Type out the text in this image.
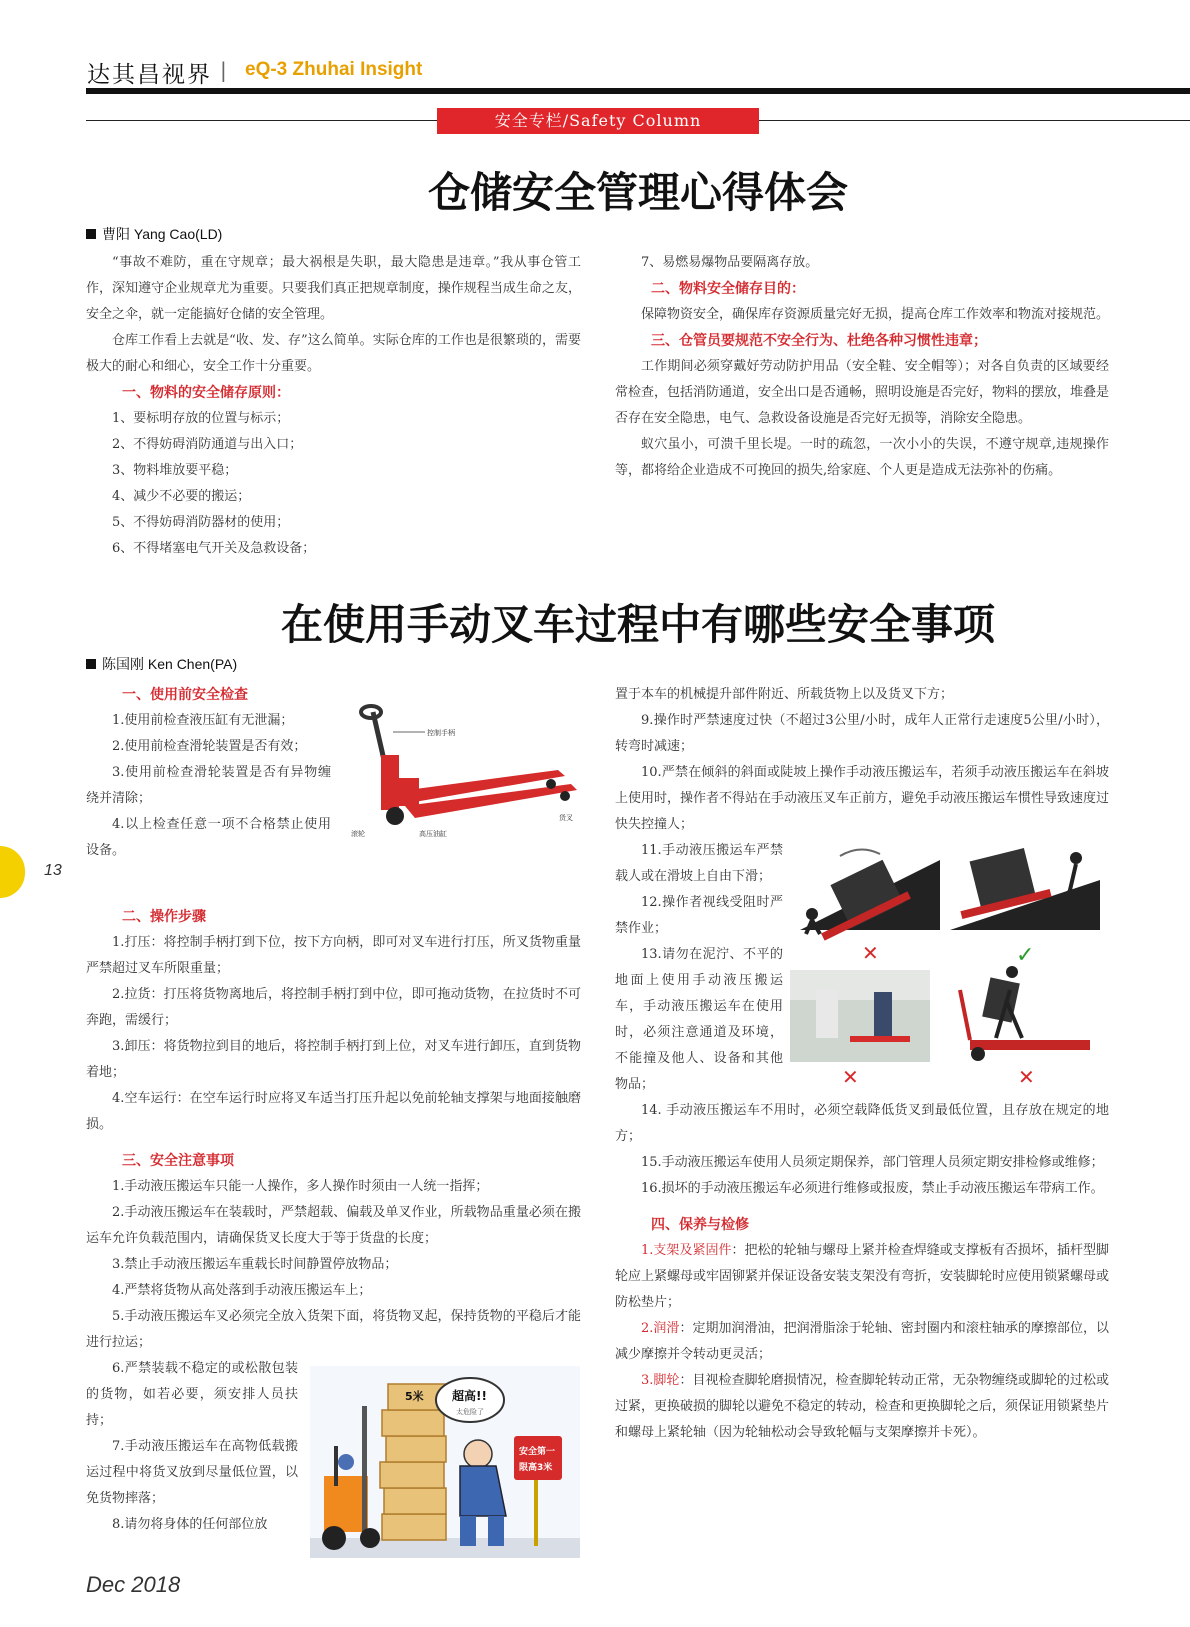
达其昌视界 | eQ-3 Zhuhai Insight
安全专栏/Safety Column
仓储安全管理心得体会
曹阳 Yang Cao(LD)

“事故不难防，重在守规章；最大祸根是失职，最大隐患是违章。”我从事仓管工作，深知遵守企业规章尤为重要。只要我们真正把规章制度，操作规程当成生命之友，安全之伞，就一定能搞好仓储的安全管理。

仓库工作看上去就是“收、发、存”这么简单。实际仓库的工作也是很繁琐的，需要极大的耐心和细心，安全工作十分重要。

一、物料的安全储存原则：

1、要标明存放的位置与标示；

2、不得妨碍消防通道与出入口；

3、物料堆放要平稳；

4、减少不必要的搬运；

5、不得妨碍消防器材的使用；

6、不得堵塞电气开关及急救设备；

7、易燃易爆物品要隔离存放。

二、物料安全储存目的：

保障物资安全，确保库存资源质量完好无损，提高仓库工作效率和物流对接规范。

三、仓管员要规范不安全行为、杜绝各种习惯性违章；

工作期间必须穿戴好劳动防护用品（安全鞋、安全帽等）；对各自负责的区域要经常检查，包括消防通道，安全出口是否通畅，照明设施是否完好，物料的摆放，堆叠是否存在安全隐患，电气、急救设备设施是否完好无损等，消除安全隐患。

蚁穴虽小，可溃千里长堤。一时的疏忽，一次小小的失误，不遵守规章,违规操作等，都将给企业造成不可挽回的损失,给家庭、个人更是造成无法弥补的伤痛。

在使用手动叉车过程中有哪些安全事项
陈国刚 Ken Chen(PA)

一、使用前安全检查

1.使用前检查液压缸有无泄漏；

2.使用前检查滑轮装置是否有效；

3.使用前检查滑轮装置是否有异物缠绕并清除；

4.以上检查任意一项不合格禁止使用设备。

控制手柄
滚轮	高压油缸
货叉

二、操作步骤

1.打压：将控制手柄打到下位，按下方向柄，即可对叉车进行打压，所叉货物重量严禁超过叉车所限重量；

2.拉货：打压将货物离地后，将控制手柄打到中位，即可拖动货物，在拉货时不可奔跑，需缓行；

3.卸压：将货物拉到目的地后，将控制手柄打到上位，对叉车进行卸压，直到货物着地；

4.空车运行：在空车运行时应将叉车适当打压升起以免前轮轴支撑架与地面接触磨损。

三、安全注意事项

1.手动液压搬运车只能一人操作，多人操作时须由一人统一指挥；

2.手动液压搬运车在装载时，严禁超载、偏载及单叉作业，所载物品重量必须在搬运车允许负载范围内，请确保货叉长度大于等于货盘的长度；

3.禁止手动液压搬运车重载长时间静置停放物品；

4.严禁将货物从高处落到手动液压搬运车上；

5.手动液压搬运车叉必须完全放入货架下面，将货物叉起，保持货物的平稳后才能进行拉运；

6.严禁装载不稳定的或松散包装的货物，如若必要，须安排人员扶持；

7.手动液压搬运车在高物低载搬运过程中将货叉放到尽量低位置，以免货物摔落；

8.请勿将身体的任何部位放

5米 超高!!
太危险了
安全第一
限高3米

置于本车的机械提升部件附近、所载货物上以及货叉下方；

9.操作时严禁速度过快（不超过3公里/小时，成年人正常行走速度5公里/小时），转弯时减速；

10.严禁在倾斜的斜面或陡坡上操作手动液压搬运车，若须手动液压搬运车在斜坡上使用时，操作者不得站在手动液压叉车正前方，避免手动液压搬运车惯性导致速度过快失控撞人；

11.手动液压搬运车严禁载人或在滑坡上自由下滑；

12.操作者视线受阻时严禁作业；

13.请勿在泥泞、不平的地面上使用手动液压搬运车，手动液压搬运车在使用时，必须注意通道及环境，不能撞及他人、设备和其他物品；

14. 手动液压搬运车不用时，必须空载降低货叉到最低位置，且存放在规定的地方；

15.手动液压搬运车使用人员须定期保养，部门管理人员须定期安排检修或维修；

16.损坏的手动液压搬运车必须进行维修或报废，禁止手动液压搬运车带病工作。

四、保养与检修

1.支架及紧固件：把松的轮轴与螺母上紧并检查焊缝或支撑板有否损坏，插杆型脚轮应上紧螺母或牢固铆紧并保证设备安装支架没有弯折，安装脚轮时应使用锁紧螺母或防松垫片；

2.润滑：定期加润滑油，把润滑脂涂于轮轴、密封圈内和滚柱轴承的摩擦部位，以减少摩擦并令转动更灵活；

3.脚轮：目视检查脚轮磨损情况，检查脚轮转动正常，无杂物缠绕或脚轮的过松或过紧，更换破损的脚轮以避免不稳定的转动，检查和更换脚轮之后，须保证用锁紧垫片和螺母上紧轮轴（因为轮轴松动会导致轮幅与支架摩擦并卡死）。

✕	✓
✕	✕
13
Dec 2018
